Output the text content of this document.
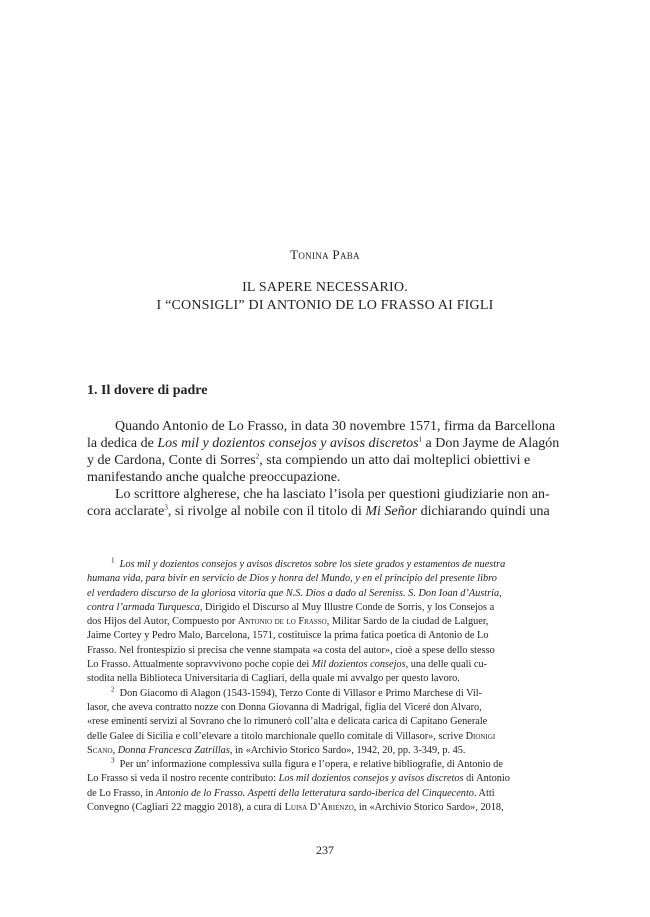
Tonina Paba
IL SAPERE NECESSARIO.
I “CONSIGLI” DI ANTONIO DE LO FRASSO AI FIGLI
1. Il dovere di padre
Quando Antonio de Lo Frasso, in data 30 novembre 1571, firma da Barcellona
la dedica de Los mil y dozientos consejos y avisos discretos$^1$ a Don Jayme de Alagón
y de Cardona, Conte di Sorres$^2$, sta compiendo un atto dai molteplici obiettivi e
manifestando anche qualche preoccupazione.
Lo scrittore algherese, che ha lasciato l’isola per questioni giudiziarie non an-
cora acclarate$^3$, si rivolge al nobile con il titolo di Mi Señor dichiarando quindi una
$^1$ Los mil y dozientos consejos y avisos discretos sobre los siete grados y estamentos de nuestra
humana vida, para bivir en servicio de Dios y honra del Mundo, y en el principio del presente libro
el verdadero discurso de la gloriosa vitoria que N.S. Dios a dado al Sereniss. S. Don Ioan d’Austria,
contra l’armada Turquesca, Dirigido el Discurso al Muy Illustre Conde de Sorris, y los Consejos a
dos Hijos del Autor, Compuesto por Antonio de lo Frasso, Militar Sardo de la ciudad de Lalguer,
Jaime Cortey y Pedro Malo, Barcelona, 1571, costituisce la prima fatica poetica di Antonio de Lo
Frasso. Nel frontespizio si precisa che venne stampata «a costa del autor», cioè a spese dello stesso
Lo Frasso. Attualmente sopravvivono poche copie dei Mil dozientos consejos, una delle quali cu-
stodita nella Biblioteca Universitaria di Cagliari, della quale mi avvalgo per questo lavoro.
$^2$ Don Giacomo di Alagon (1543-1594), Terzo Conte di Villasor e Primo Marchese di Vil-
lasor, che aveva contratto nozze con Donna Giovanna di Madrigal, figlia del Viceré don Alvaro,
«rese eminenti servizi al Sovrano che lo rimunerò coll’alta e delicata carica di Capitano Generale
delle Galee di Sicilia e coll’elevare a titolo marchionale quello comitale di Villasor», scrive Dionigi
Scano, Donna Francesca Zatrillas, in «Archivio Storico Sardo», 1942, 20, pp. 3-349, p. 45.
$^3$ Per un’ informazione complessiva sulla figura e l’opera, e relative bibliografie, di Antonio de
Lo Frasso si veda il nostro recente contributo: Los mil dozientos consejos y avisos discretos di Antonio
de Lo Frasso, in Antonio de lo Frasso. Aspetti della letteratura sardo-iberica del Cinquecento. Atti
Convegno (Cagliari 22 maggio 2018), a cura di Luisa D’Arienzo, in «Archivio Storico Sardo», 2018,
237
